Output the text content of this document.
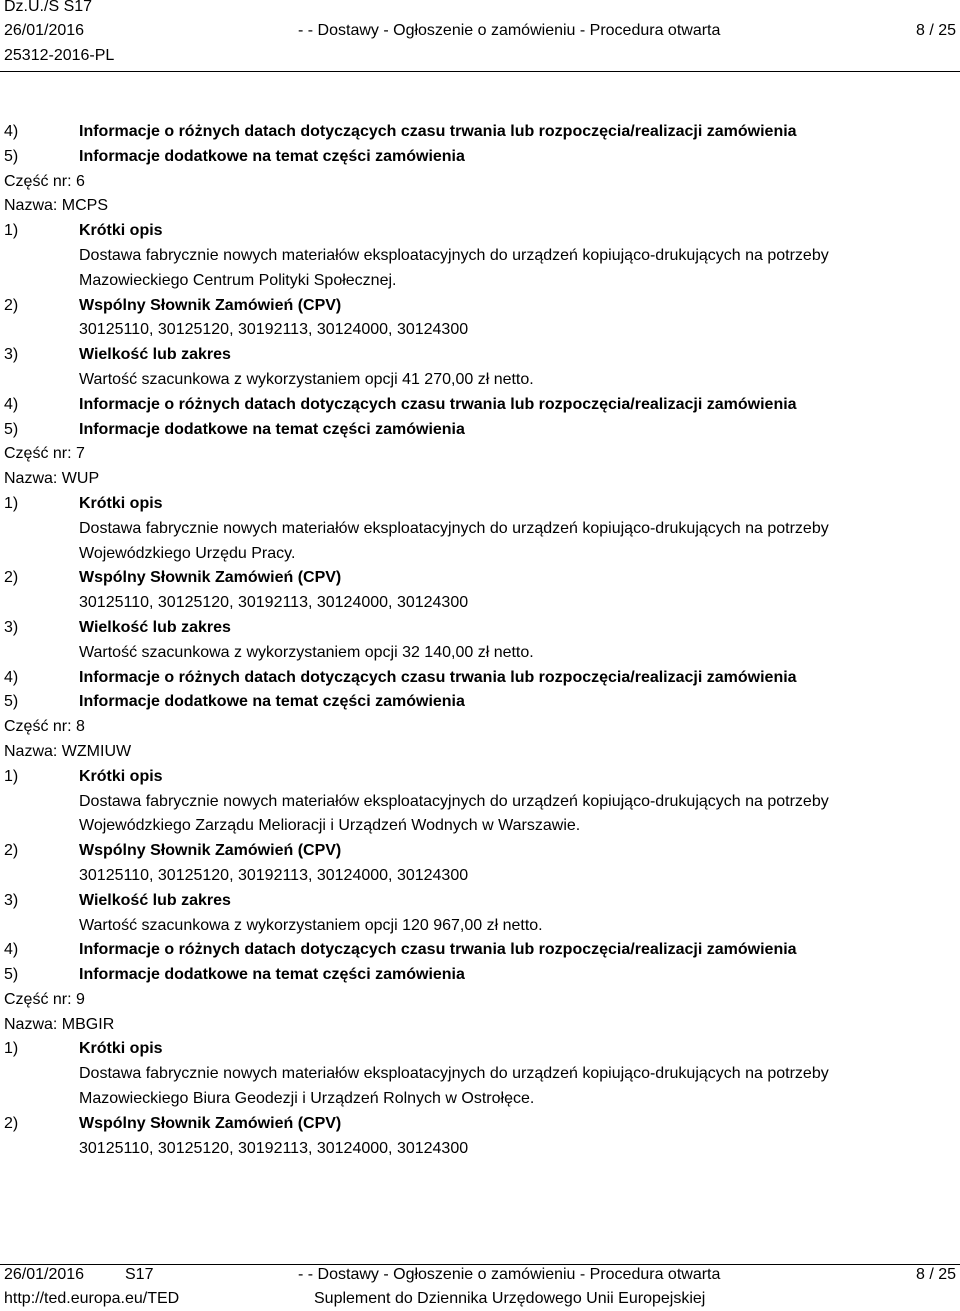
Dz.U./S S17
26/01/2016	- - Dostawy - Ogłoszenie o zamówieniu - Procedura otwarta	8 / 25
25312-2016-PL
4)	Informacje o różnych datach dotyczących czasu trwania lub rozpoczęcia/realizacji zamówienia
5)	Informacje dodatkowe na temat części zamówienia
Część nr: 6
Nazwa: MCPS
1)	Krótki opis
Dostawa fabrycznie nowych materiałów eksploatacyjnych do urządzeń kopiująco-drukujących na potrzeby
Mazowieckiego Centrum Polityki Społecznej.
2)	Wspólny Słownik Zamówień (CPV)
30125110, 30125120, 30192113, 30124000, 30124300
3)	Wielkość lub zakres
Wartość szacunkowa z wykorzystaniem opcji 41 270,00 zł netto.
4)	Informacje o różnych datach dotyczących czasu trwania lub rozpoczęcia/realizacji zamówienia
5)	Informacje dodatkowe na temat części zamówienia
Część nr: 7
Nazwa: WUP
1)	Krótki opis
Dostawa fabrycznie nowych materiałów eksploatacyjnych do urządzeń kopiująco-drukujących na potrzeby
Wojewódzkiego Urzędu Pracy.
2)	Wspólny Słownik Zamówień (CPV)
30125110, 30125120, 30192113, 30124000, 30124300
3)	Wielkość lub zakres
Wartość szacunkowa z wykorzystaniem opcji 32 140,00 zł netto.
4)	Informacje o różnych datach dotyczących czasu trwania lub rozpoczęcia/realizacji zamówienia
5)	Informacje dodatkowe na temat części zamówienia
Część nr: 8
Nazwa: WZMIUW
1)	Krótki opis
Dostawa fabrycznie nowych materiałów eksploatacyjnych do urządzeń kopiująco-drukujących na potrzeby
Wojewódzkiego Zarządu Melioracji i Urządzeń Wodnych w Warszawie.
2)	Wspólny Słownik Zamówień (CPV)
30125110, 30125120, 30192113, 30124000, 30124300
3)	Wielkość lub zakres
Wartość szacunkowa z wykorzystaniem opcji 120 967,00 zł netto.
4)	Informacje o różnych datach dotyczących czasu trwania lub rozpoczęcia/realizacji zamówienia
5)	Informacje dodatkowe na temat części zamówienia
Część nr: 9
Nazwa: MBGIR
1)	Krótki opis
Dostawa fabrycznie nowych materiałów eksploatacyjnych do urządzeń kopiująco-drukujących na potrzeby
Mazowieckiego Biura Geodezji i Urządzeń Rolnych w Ostrołęce.
2)	Wspólny Słownik Zamówień (CPV)
30125110, 30125120, 30192113, 30124000, 30124300
26/01/2016	S17	- - Dostawy - Ogłoszenie o zamówieniu - Procedura otwarta	8 / 25
http://ted.europa.eu/TED	Suplement do Dziennika Urzędowego Unii Europejskiej
